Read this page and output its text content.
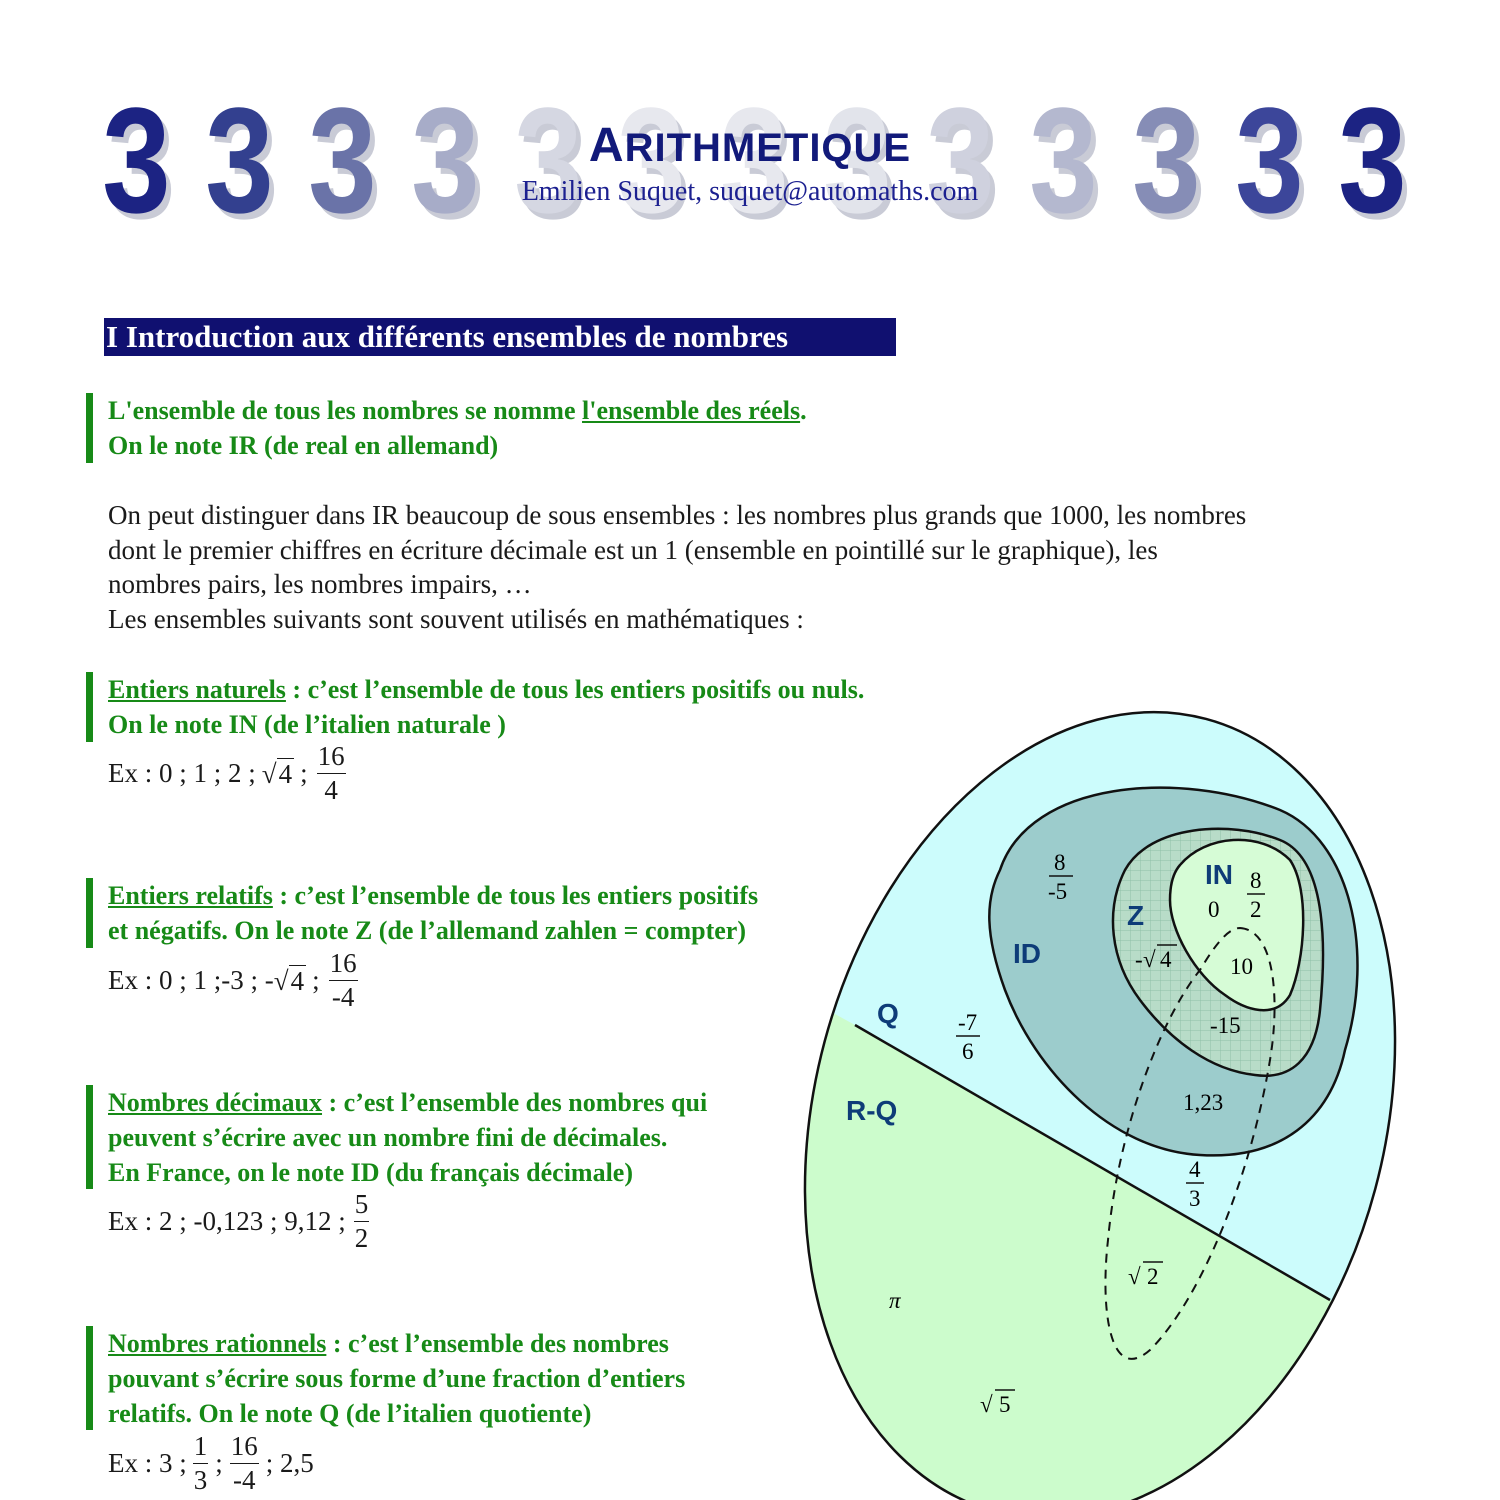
3 3 3 3 3 3 3 3 3 3 3 3 3
ARITHMETIQUE
Emilien Suquet, suquet@automaths.com
I Introduction aux différents ensembles de nombres
L'ensemble de tous les nombres se nomme l'ensemble des réels.
On le note IR (de real en allemand)
On peut distinguer dans IR beaucoup de sous ensembles : les nombres plus grands que 1000, les nombres
dont le premier chiffres en écriture décimale est un 1 (ensemble en pointillé sur le graphique), les
nombres pairs, les nombres impairs, …
Les ensembles suivants sont souvent utilisés en mathématiques :
Entiers naturels : c’est l’ensemble de tous les entiers positifs ou nuls.
On le note IN (de l’italien naturale )
Ex : 0 ; 1 ; 2 ; √ 4 ; $\frac{16}{4}$
Entiers relatifs : c’est l’ensemble de tous les entiers positifs
et négatifs. On le note Z (de l’allemand zahlen = compter)
Ex : 0 ; 1 ;-3 ; - √ 4 ; $\frac{16}{-4}$
Nombres décimaux : c’est l’ensemble des nombres qui
peuvent s’écrire avec un nombre fini de décimales.
En France, on le note ID (du français décimale)
Ex : 2 ; -0,123 ; 9,12 ; $\frac{5}{2}$
Nombres rationnels : c’est l’ensemble des nombres
pouvant s’écrire sous forme d’une fraction d’entiers
relatifs. On le note Q (de l’italien quotiente)
Ex : 3 ; $\frac{1}{3}$ ; $\frac{16}{-4}$ ; 2,5
IN
Z
ID
Q
R-Q
0
8
2
10
- √ 4
-15
8
-5
-7
6
1,23
4
3
√ 2
π
√ 5
